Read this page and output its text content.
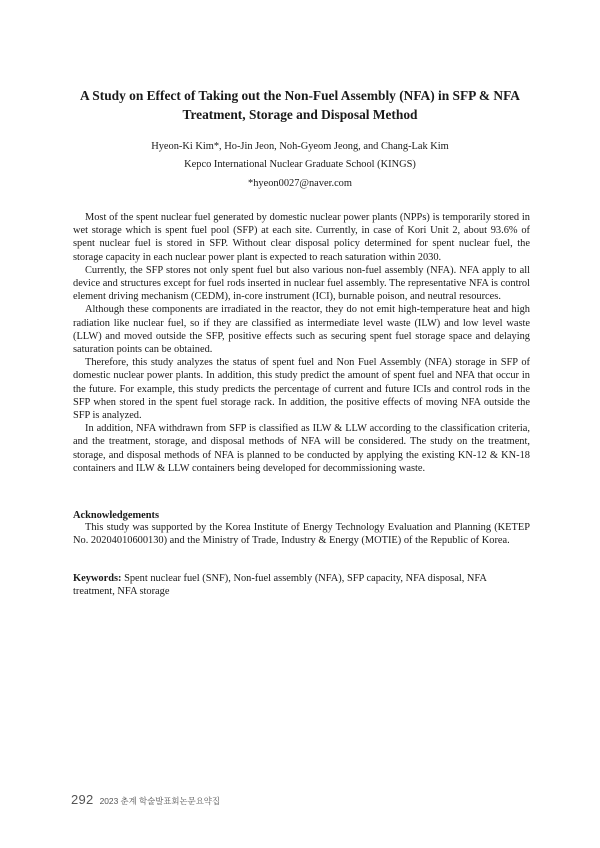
A Study on Effect of Taking out the Non-Fuel Assembly (NFA) in SFP & NFA Treatment, Storage and Disposal Method
Hyeon-Ki Kim*, Ho-Jin Jeon, Noh-Gyeom Jeong, and Chang-Lak Kim
Kepco International Nuclear Graduate School (KINGS)
*hyeon0027@naver.com

Most of the spent nuclear fuel generated by domestic nuclear power plants (NPPs) is temporarily stored in wet storage which is spent fuel pool (SFP) at each site. Currently, in case of Kori Unit 2, about 93.6% of spent nuclear fuel is stored in SFP. Without clear disposal policy determined for spent nuclear fuel, the storage capacity in each nuclear power plant is expected to reach saturation within 2030.

Currently, the SFP stores not only spent fuel but also various non-fuel assembly (NFA). NFA apply to all device and structures except for fuel rods inserted in nuclear fuel assembly. The representative NFA is control element driving mechanism (CEDM), in-core instrument (ICI), burnable poison, and neutral resources.

Although these components are irradiated in the reactor, they do not emit high-temperature heat and high radiation like nuclear fuel, so if they are classified as intermediate level waste (ILW) and low level waste (LLW) and moved outside the SFP, positive effects such as securing spent fuel storage space and delaying saturation points can be obtained.

Therefore, this study analyzes the status of spent fuel and Non Fuel Assembly (NFA) storage in SFP of domestic nuclear power plants. In addition, this study predict the amount of spent fuel and NFA that occur in the future. For example, this study predicts the percentage of current and future ICIs and control rods in the SFP when stored in the spent fuel storage rack. In addition, the positive effects of moving NFA outside the SFP is analyzed.

In addition, NFA withdrawn from SFP is classified as ILW & LLW according to the classification criteria, and the treatment, storage, and disposal methods of NFA will be considered. The study on the treatment, storage, and disposal methods of NFA is planned to be conducted by applying the existing KN-12 & KN-18 containers and ILW & LLW containers being developed for decommissioning waste.

Acknowledgements

This study was supported by the Korea Institute of Energy Technology Evaluation and Planning (KETEP No. 20204010600130) and the Ministry of Trade, Industry & Energy (MOTIE) of the Republic of Korea.

Keywords: Spent nuclear fuel (SNF), Non-fuel assembly (NFA), SFP capacity, NFA disposal, NFA treatment, NFA storage
292 2023 춘계 학술발표회논문요약집
